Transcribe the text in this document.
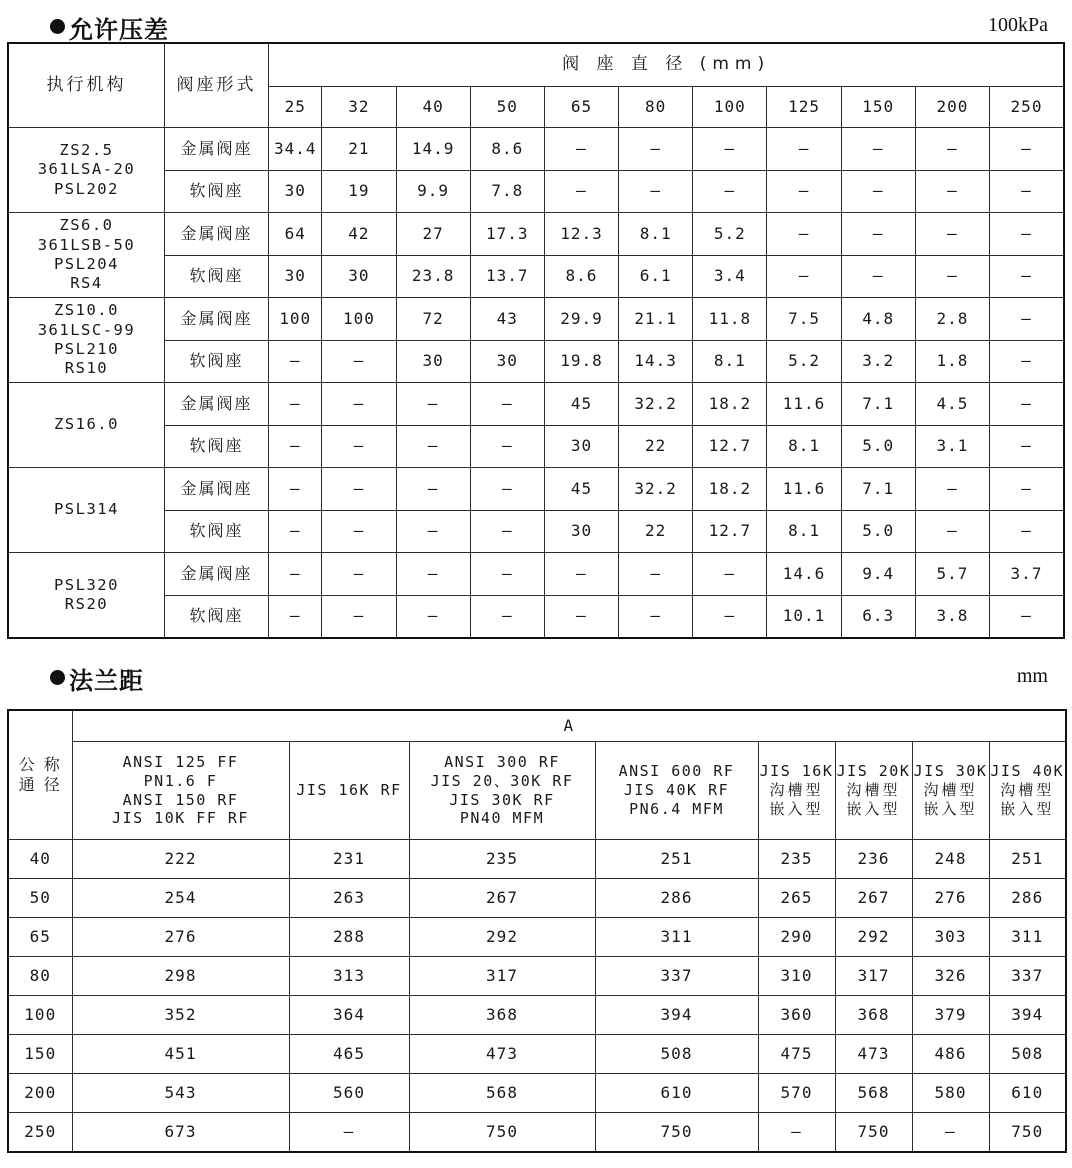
允许压差	100kPa
执行机构	阀座形式	阀 座 直 径 (mm)										
		25	32	40	50	65	80	100	125	150	200	250
ZS2.5
361LSA-20
PSL202	金属阀座	34.4	21	14.9	8.6	—	—	—	—	—	—	—
	软阀座	30	19	9.9	7.8	—	—	—	—	—	—	—
ZS6.0
361LSB-50
PSL204
RS4	金属阀座	64	42	27	17.3	12.3	8.1	5.2	—	—	—	—
	软阀座	30	30	23.8	13.7	8.6	6.1	3.4	—	—	—	—
ZS10.0
361LSC-99
PSL210
RS10	金属阀座	100	100	72	43	29.9	21.1	11.8	7.5	4.8	2.8	—
	软阀座	—	—	30	30	19.8	14.3	8.1	5.2	3.2	1.8	—
ZS16.0	金属阀座	—	—	—	—	45	32.2	18.2	11.6	7.1	4.5	—
	软阀座	—	—	—	—	30	22	12.7	8.1	5.0	3.1	—
PSL314	金属阀座	—	—	—	—	45	32.2	18.2	11.6	7.1	—	—
	软阀座	—	—	—	—	30	22	12.7	8.1	5.0	—	—
PSL320
RS20	金属阀座	—	—	—	—	—	—	—	14.6	9.4	5.7	3.7
	软阀座	—	—	—	—	—	—	—	10.1	6.3	3.8	—
法兰距	mm
公 称
通 径	A							
	ANSI 125 FF
PN1.6 F
ANSI 150 RF
JIS 10K FF RF	JIS 16K RF	ANSI 300 RF
JIS 20、30K RF
JIS 30K RF
PN40 MFM	ANSI 600 RF
JIS 40K RF
PN6.4 MFM	JIS 16K
沟槽型
嵌入型	JIS 20K
沟槽型
嵌入型	JIS 30K
沟槽型
嵌入型	JIS 40K
沟槽型
嵌入型
40	222	231	235	251	235	236	248	251
50	254	263	267	286	265	267	276	286
65	276	288	292	311	290	292	303	311
80	298	313	317	337	310	317	326	337
100	352	364	368	394	360	368	379	394
150	451	465	473	508	475	473	486	508
200	543	560	568	610	570	568	580	610
250	673	—	750	750	—	750	—	750
